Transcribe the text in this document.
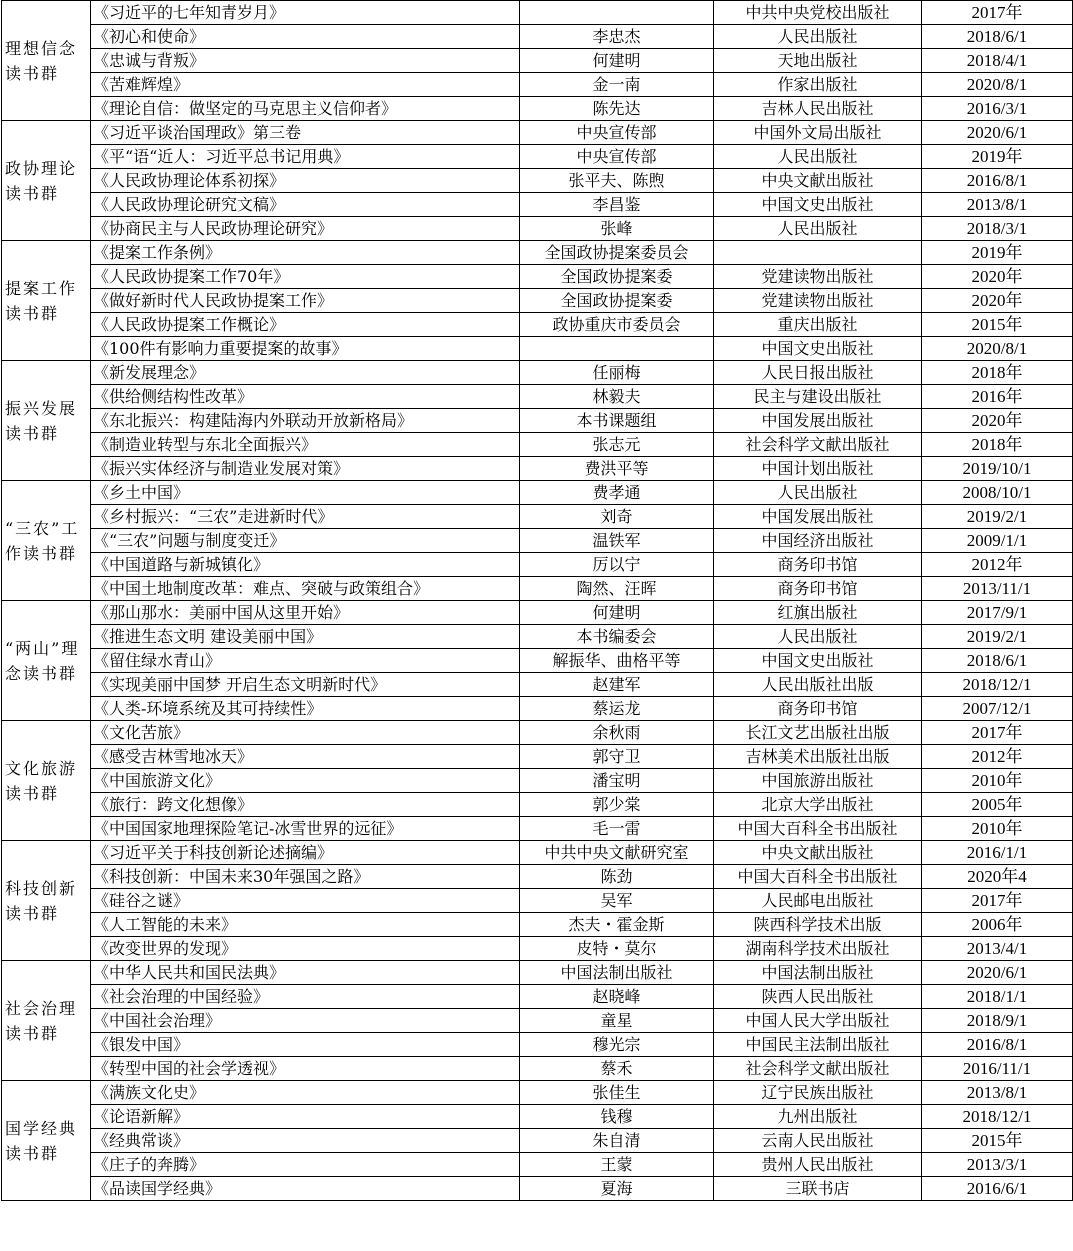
理想信念读书群	《习近平的七年知青岁月》		中共中央党校出版社	2017年
	《初心和使命》	李忠杰	人民出版社	2018/6/1
	《忠诚与背叛》	何建明	天地出版社	2018/4/1
	《苦难辉煌》	金一南	作家出版社	2020/8/1
	《理论自信：做坚定的马克思主义信仰者》	陈先达	吉林人民出版社	2016/3/1
政协理论读书群	《习近平谈治国理政》第三卷	中央宣传部	中国外文局出版社	2020/6/1
	《平“语“近人：习近平总书记用典》	中央宣传部	人民出版社	2019年
	《人民政协理论体系初探》	张平夫、陈煦	中央文献出版社	2016/8/1
	《人民政协理论研究文稿》	李昌鉴	中国文史出版社	2013/8/1
	《协商民主与人民政协理论研究》	张峰	人民出版社	2018/3/1
提案工作读书群	《提案工作条例》	全国政协提案委员会		2019年
	《人民政协提案工作70年》	全国政协提案委	党建读物出版社	2020年
	《做好新时代人民政协提案工作》	全国政协提案委	党建读物出版社	2020年
	《人民政协提案工作概论》	政协重庆市委员会	重庆出版社	2015年
	《100件有影响力重要提案的故事》		中国文史出版社	2020/8/1
振兴发展读书群	《新发展理念》	任丽梅	人民日报出版社	2018年
	《供给侧结构性改革》	林毅夫	民主与建设出版社	2016年
	《东北振兴：构建陆海内外联动开放新格局》	本书课题组	中国发展出版社	2020年
	《制造业转型与东北全面振兴》	张志元	社会科学文献出版社	2018年
	《振兴实体经济与制造业发展对策》	费洪平等	中国计划出版社	2019/10/1
“三农”工作读书群	《乡土中国》	费孝通	人民出版社	2008/10/1
	《乡村振兴：“三农”走进新时代》	刘奇	中国发展出版社	2019/2/1
	《“三农”问题与制度变迁》	温铁军	中国经济出版社	2009/1/1
	《中国道路与新城镇化》	厉以宁	商务印书馆	2012年
	《中国土地制度改革：难点、突破与政策组合》	陶然、汪晖	商务印书馆	2013/11/1
“两山”理念读书群	《那山那水：美丽中国从这里开始》	何建明	红旗出版社	2017/9/1
	《推进生态文明 建设美丽中国》	本书编委会	人民出版社	2019/2/1
	《留住绿水青山》	解振华、曲格平等	中国文史出版社	2018/6/1
	《实现美丽中国梦 开启生态文明新时代》	赵建军	人民出版社出版	2018/12/1
	《人类-环境系统及其可持续性》	蔡运龙	商务印书馆	2007/12/1
文化旅游读书群	《文化苦旅》	余秋雨	长江文艺出版社出版	2017年
	《感受吉林雪地冰天》	郭守卫	吉林美术出版社出版	2012年
	《中国旅游文化》	潘宝明	中国旅游出版社	2010年
	《旅行：跨文化想像》	郭少棠	北京大学出版社	2005年
	《中国国家地理探险笔记-冰雪世界的远征》	毛一雷	中国大百科全书出版社	2010年
科技创新读书群	《习近平关于科技创新论述摘编》	中共中央文献研究室	中央文献出版社	2016/1/1
	《科技创新：中国未来30年强国之路》	陈劲	中国大百科全书出版社	2020年4
	《硅谷之谜》	吴军	人民邮电出版社	2017年
	《人工智能的未来》	杰夫・霍金斯	陕西科学技术出版	2006年
	《改变世界的发现》	皮特・莫尔	湖南科学技术出版社	2013/4/1
社会治理读书群	《中华人民共和国民法典》	中国法制出版社	中国法制出版社	2020/6/1
	《社会治理的中国经验》	赵晓峰	陕西人民出版社	2018/1/1
	《中国社会治理》	童星	中国人民大学出版社	2018/9/1
	《银发中国》	穆光宗	中国民主法制出版社	2016/8/1
	《转型中国的社会学透视》	蔡禾	社会科学文献出版社	2016/11/1
国学经典读书群	《满族文化史》	张佳生	辽宁民族出版社	2013/8/1
	《论语新解》	钱穆	九州出版社	2018/12/1
	《经典常谈》	朱自清	云南人民出版社	2015年
	《庄子的奔腾》	王蒙	贵州人民出版社	2013/3/1
	《品读国学经典》	夏海	三联书店	2016/6/1
